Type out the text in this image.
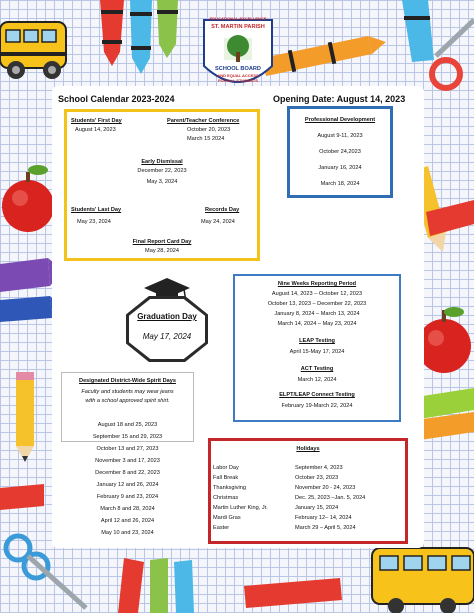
EDUCATIONAL EXCELLENCE
ST. MARTIN PARISH
SCHOOL BOARD
AND EQUAL ACCESS
FOR ALL STUDENTS
School Calendar 2023-2024	Opening Date: August 14, 2023
Students' First Day
August 14, 2023
Parent/Teacher Conference
October 20, 2023
March 15 2024
Early Dismissal
December 22, 2023
May 3, 2024
Students' Last Day
May 23, 2024
Records Day
May 24, 2024
Final Report Card Day
May 28, 2024
Professional Development
August 9-11, 2023
October 24,2023
January 16, 2024
March 18, 2024
Graduation Day
May 17, 2024
Nine Weeks Reporting Period
August 14, 2023 – October 12, 2023
October 13, 2023 – December 22, 2023
January 8, 2024 – March 13, 2024
March 14, 2024 – May 23, 2024
LEAP Testing
April 15-May 17, 2024
ACT Testing
March 12, 2024
ELPT/LEAP Connect Testing
February 19-March 22, 2024
Designated District-Wide Spirit Days
Faculty and students may wear jeans
with a school approved spirit shirt.
August 18 and 25, 2023
September 15 and 29, 2023
October 13 and 27, 2023
November 3 and 17, 2023
December 8 and 22, 2023
January 12 and 26, 2024
February 9 and 23, 2024
March 8 and 28, 2024
April 12 and 26, 2024
May 10 and 23, 2024
Holidays
Labor Day	September 4, 2023
Fall Break	October 23, 2023
Thanksgiving	November 20 - 24, 2023
Christmas	Dec. 25, 2023 –Jan. 5, 2024
Martin Luther King, Jr.	January 15, 2024
Mardi Gras	February 12– 14, 2024
Easter	March 29 – April 5, 2024
